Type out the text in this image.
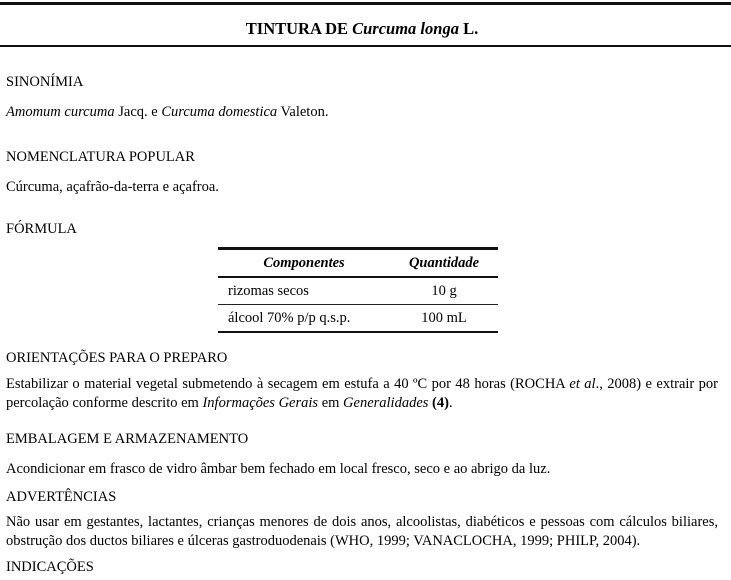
TINTURA DE Curcuma longa L.
SINONÍMIA

Amomum curcuma Jacq. e Curcuma domestica Valeton.

NOMENCLATURA POPULAR

Cúrcuma, açafrão-da-terra e açafroa.

FÓRMULA
Componentes	Quantidade
rizomas secos	10 g
álcool 70% p/p q.s.p.	100 mL
ORIENTAÇÕES PARA O PREPARO

Estabilizar o material vegetal submetendo à secagem em estufa a 40 ºC por 48 horas (ROCHA et al., 2008) e extrair por percolação conforme descrito em Informações Gerais em Generalidades (4).

EMBALAGEM E ARMAZENAMENTO

Acondicionar em frasco de vidro âmbar bem fechado em local fresco, seco e ao abrigo da luz.

ADVERTÊNCIAS

Não usar em gestantes, lactantes, crianças menores de dois anos, alcoolistas, diabéticos e pessoas com cálculos biliares, obstrução dos ductos biliares e úlceras gastroduodenais (WHO, 1999; VANACLOCHA, 1999; PHILP, 2004).

INDICAÇÕES
